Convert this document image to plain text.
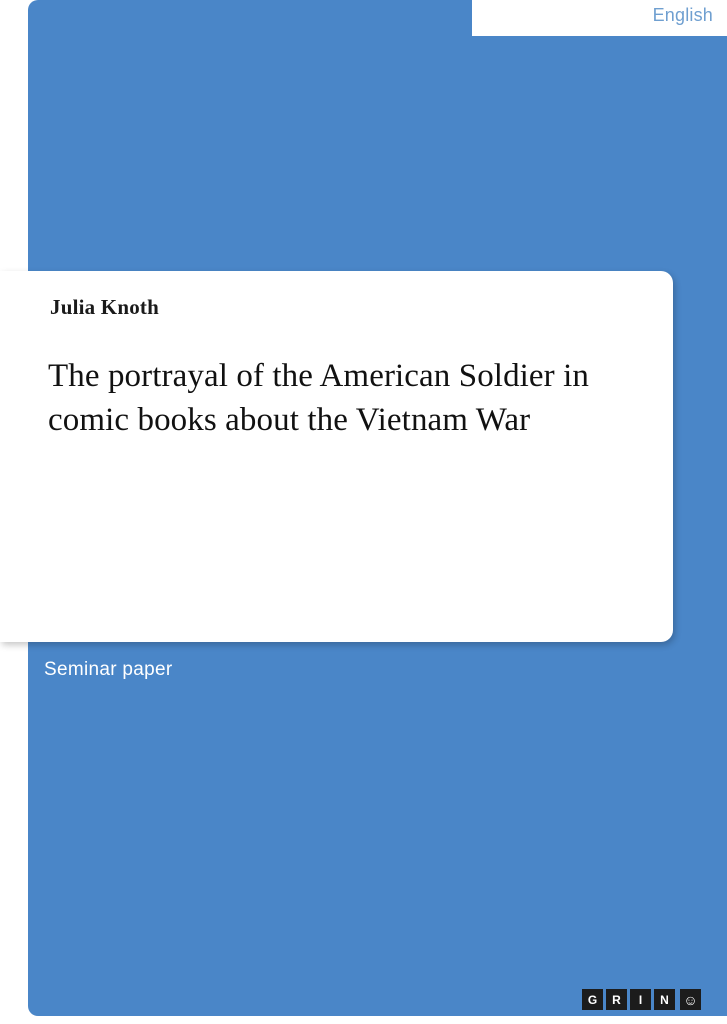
English
Julia Knoth
The portrayal of the American Soldier in comic books about the Vietnam War
Seminar paper
G	R	I	N	☺
